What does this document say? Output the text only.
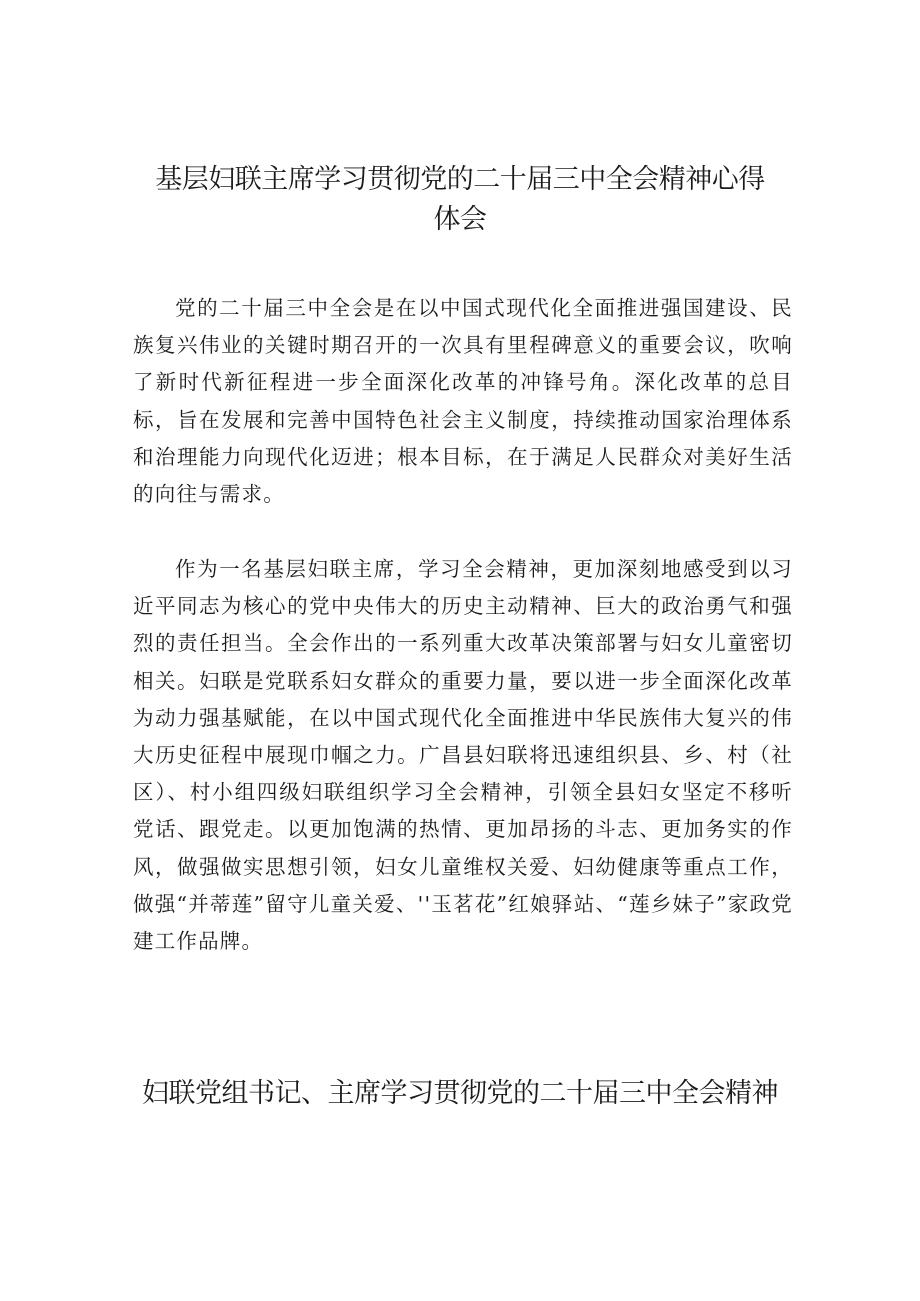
基层妇联主席学习贯彻党的二十届三中全会精神心得
体会

党的二十届三中全会是在以中国式现代化全面推进强国建设、民族复兴伟业的关键时期召开的一次具有里程碑意义的重要会议，吹响了新时代新征程进一步全面深化改革的冲锋号角。深化改革的总目标，旨在发展和完善中国特色社会主义制度，持续推动国家治理体系和治理能力向现代化迈进；根本目标，在于满足人民群众对美好生活的向往与需求。

作为一名基层妇联主席，学习全会精神，更加深刻地感受到以习近平同志为核心的党中央伟大的历史主动精神、巨大的政治勇气和强烈的责任担当。全会作出的一系列重大改革决策部署与妇女儿童密切相关。妇联是党联系妇女群众的重要力量，要以进一步全面深化改革为动力强基赋能，在以中国式现代化全面推进中华民族伟大复兴的伟大历史征程中展现巾帼之力。广昌县妇联将迅速组织县、乡、村（社区）、村小组四级妇联组织学习全会精神，引领全县妇女坚定不移听党话、跟党走。以更加饱满的热情、更加昂扬的斗志、更加务实的作风，做强做实思想引领，妇女儿童维权关爱、妇幼健康等重点工作，做强“并蒂莲”留守儿童关爱、''玉茗花”红娘驿站、“莲乡妹子”家政党建工作品牌。

妇联党组书记、主席学习贯彻党的二十届三中全会精神
